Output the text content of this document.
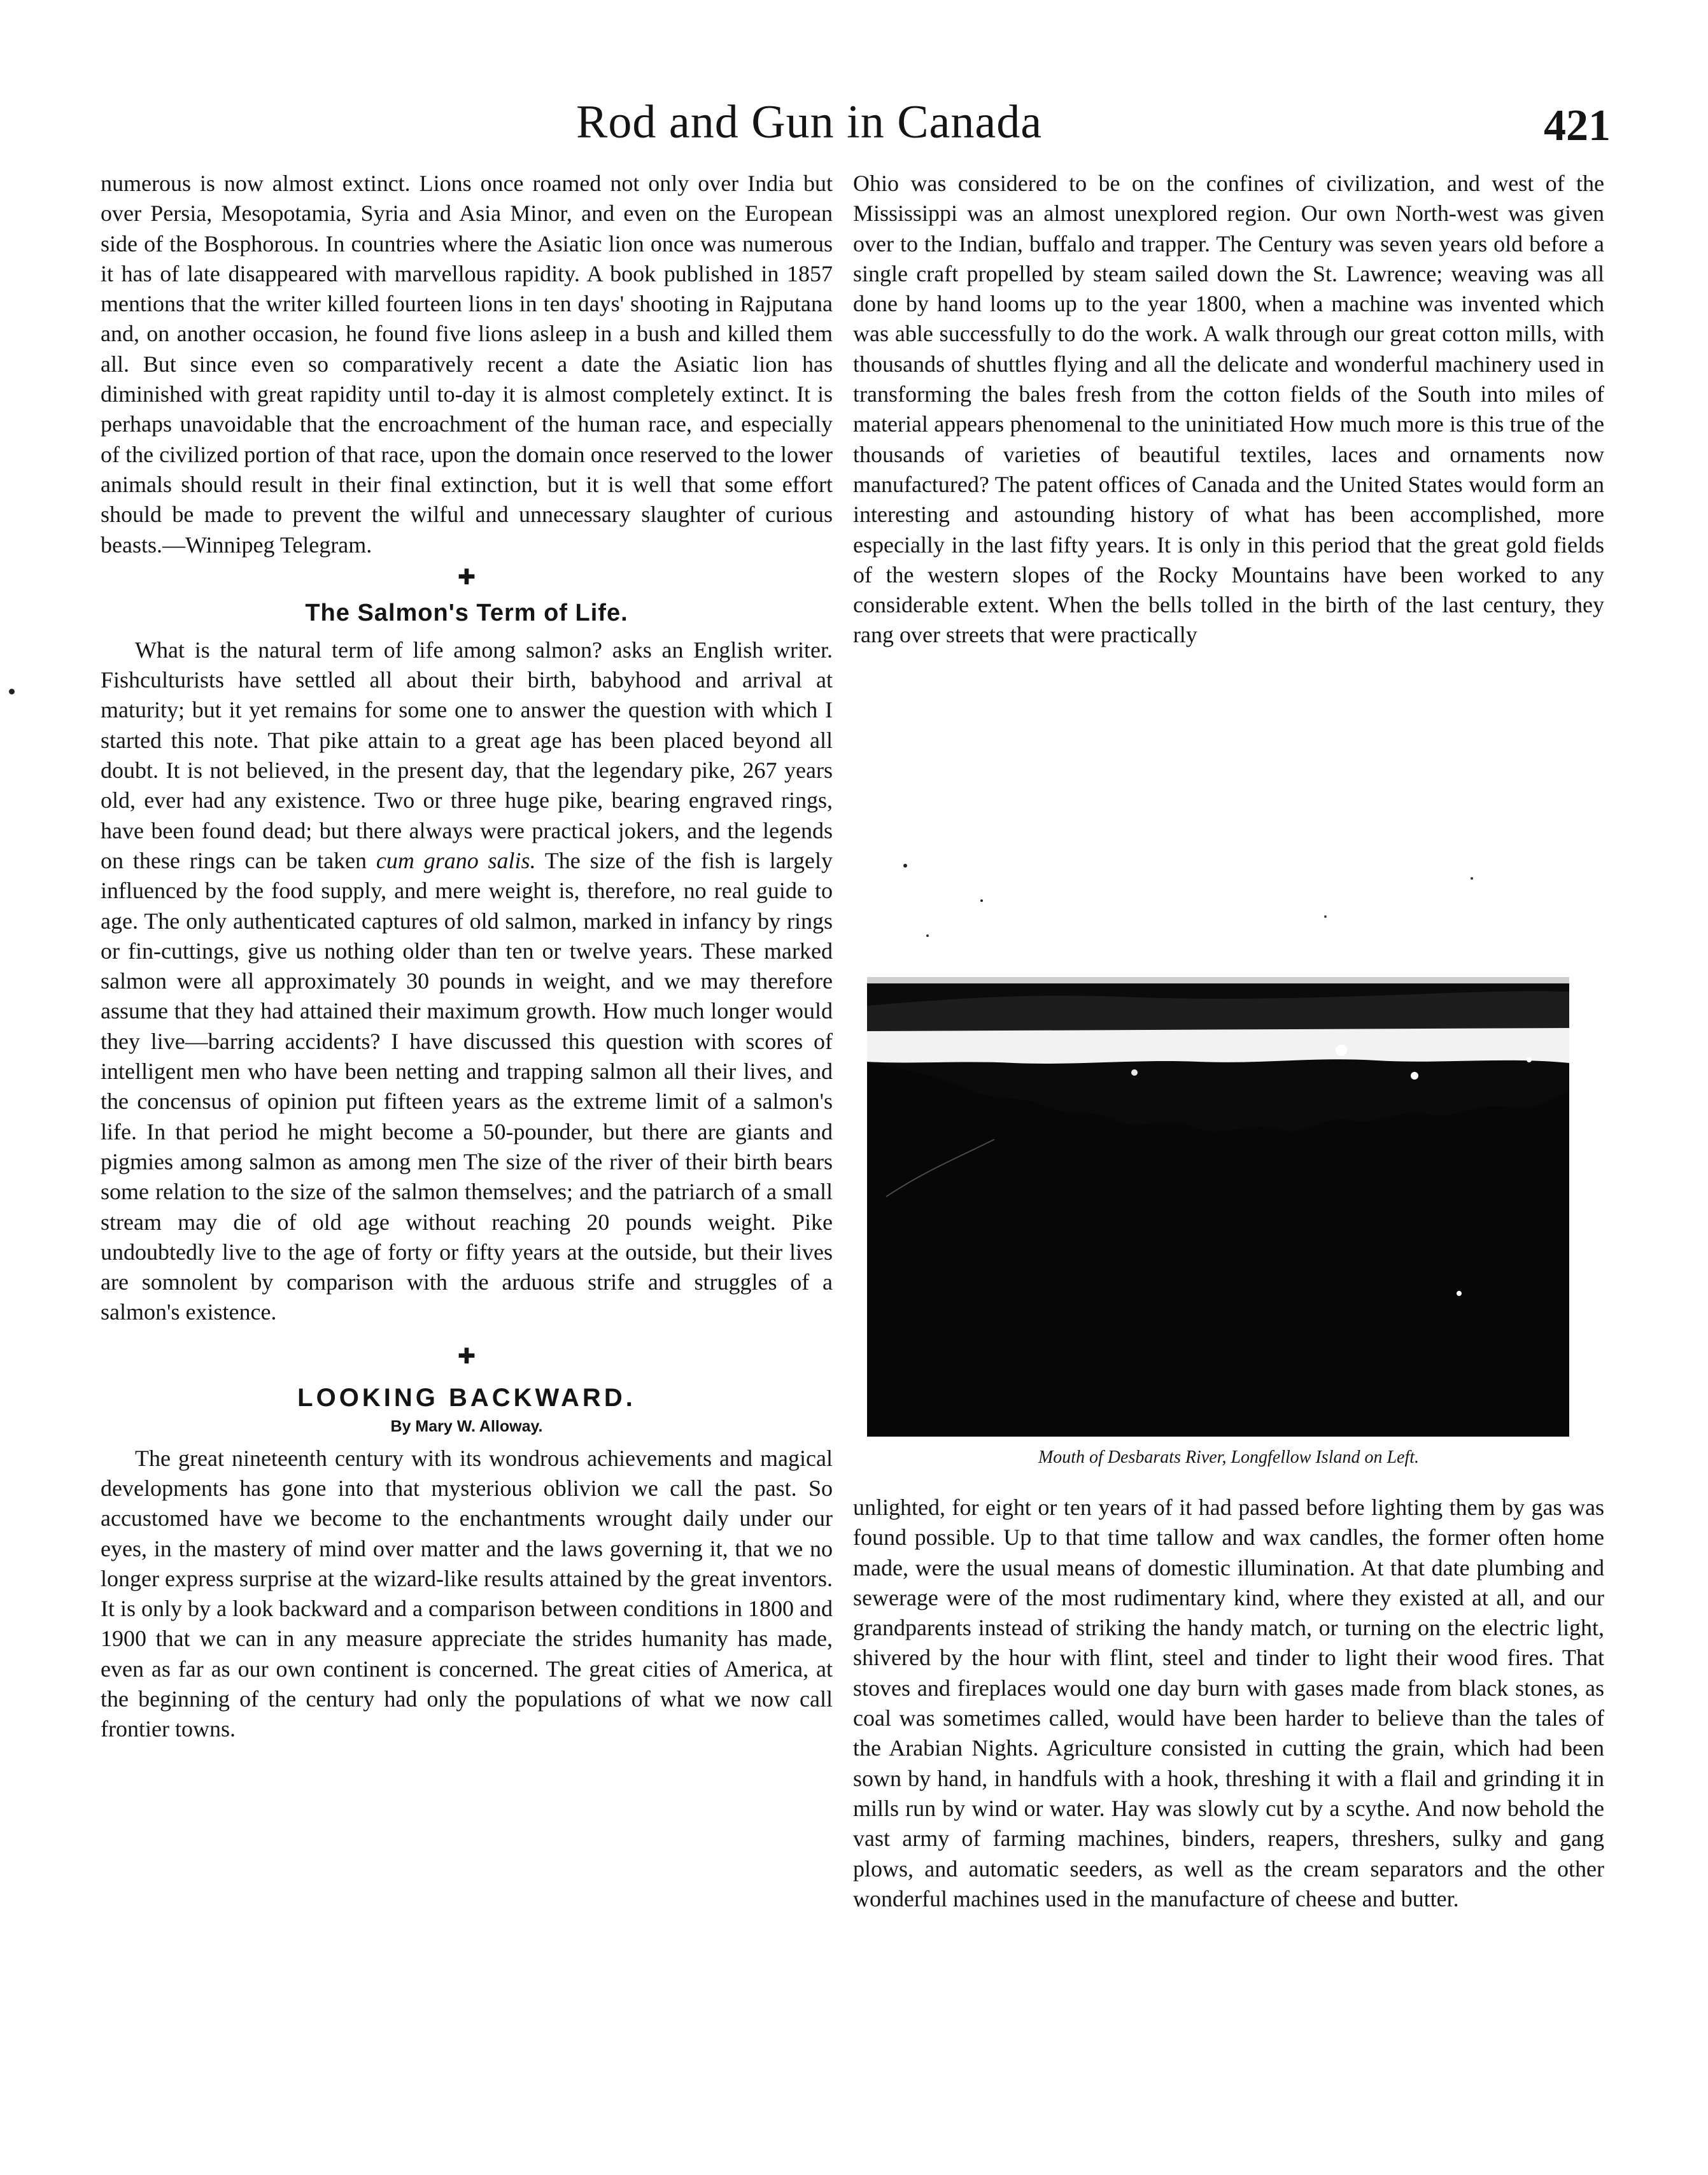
Rod and Gun in Canada	421

numerous is now almost extinct. Lions once roamed not only over India but over Persia, Mesopotamia, Syria and Asia Minor, and even on the European side of the Bosphorous. In countries where the Asiatic lion once was numerous it has of late disappeared with marvellous rapidity. A book published in 1857 mentions that the writer killed fourteen lions in ten days' shooting in Rajputana and, on another occasion, he found five lions asleep in a bush and killed them all. But since even so comparatively recent a date the Asiatic lion has diminished with great rapidity until to-day it is almost completely extinct. It is perhaps unavoidable that the encroachment of the human race, and especially of the civilized portion of that race, upon the domain once reserved to the lower animals should result in their final extinction, but it is well that some effort should be made to prevent the wilful and unnecessary slaughter of curious beasts.—Winnipeg Telegram.

✚
The Salmon's Term of Life.

What is the natural term of life among salmon? asks an English writer. Fishculturists have settled all about their birth, babyhood and arrival at maturity; but it yet remains for some one to answer the question with which I started this note. That pike attain to a great age has been placed beyond all doubt. It is not believed, in the present day, that the legendary pike, 267 years old, ever had any existence. Two or three huge pike, bearing engraved rings, have been found dead; but there always were practical jokers, and the legends on these rings can be taken cum grano salis. The size of the fish is largely influenced by the food supply, and mere weight is, therefore, no real guide to age. The only authenticated captures of old salmon, marked in infancy by rings or fin-cuttings, give us nothing older than ten or twelve years. These marked salmon were all approximately 30 pounds in weight, and we may therefore assume that they had attained their maximum growth. How much longer would they live—barring accidents? I have discussed this question with scores of intelligent men who have been netting and trapping salmon all their lives, and the concensus of opinion put fifteen years as the extreme limit of a salmon's life. In that period he might become a 50-pounder, but there are giants and pigmies among salmon as among men The size of the river of their birth bears some relation to the size of the salmon themselves; and the patriarch of a small stream may die of old age without reaching 20 pounds weight. Pike undoubtedly live to the age of forty or fifty years at the outside, but their lives are somnolent by comparison with the arduous strife and struggles of a salmon's existence.

✚
LOOKING BACKWARD.
By Mary W. Alloway.

The great nineteenth century with its wondrous achievements and magical developments has gone into that mysterious oblivion we call the past. So accustomed have we become to the enchantments wrought daily under our eyes, in the mastery of mind over matter and the laws governing it, that we no longer express surprise at the wizard-like results attained by the great inventors. It is only by a look backward and a comparison between conditions in 1800 and 1900 that we can in any measure appreciate the strides humanity has made, even as far as our own continent is concerned. The great cities of America, at the beginning of the century had only the populations of what we now call frontier towns.

Ohio was considered to be on the confines of civilization, and west of the Mississippi was an almost unexplored region. Our own North-west was given over to the Indian, buffalo and trapper. The Century was seven years old before a single craft propelled by steam sailed down the St. Lawrence; weaving was all done by hand looms up to the year 1800, when a machine was invented which was able successfully to do the work. A walk through our great cotton mills, with thousands of shuttles flying and all the delicate and wonderful machinery used in transforming the bales fresh from the cotton fields of the South into miles of material appears phenomenal to the uninitiated How much more is this true of the thousands of varieties of beautiful textiles, laces and ornaments now manufactured? The patent offices of Canada and the United States would form an interesting and astounding history of what has been accomplished, more especially in the last fifty years. It is only in this period that the great gold fields of the western slopes of the Rocky Mountains have been worked to any considerable extent. When the bells tolled in the birth of the last century, they rang over streets that were practically

Mouth of Desbarats River, Longfellow Island on Left.

unlighted, for eight or ten years of it had passed before lighting them by gas was found possible. Up to that time tallow and wax candles, the former often home made, were the usual means of domestic illumination. At that date plumbing and sewerage were of the most rudimentary kind, where they existed at all, and our grandparents instead of striking the handy match, or turning on the electric light, shivered by the hour with flint, steel and tinder to light their wood fires. That stoves and fireplaces would one day burn with gases made from black stones, as coal was sometimes called, would have been harder to believe than the tales of the Arabian Nights. Agriculture consisted in cutting the grain, which had been sown by hand, in handfuls with a hook, threshing it with a flail and grinding it in mills run by wind or water. Hay was slowly cut by a scythe. And now behold the vast army of farming machines, binders, reapers, threshers, sulky and gang plows, and automatic seeders, as well as the cream separators and the other wonderful machines used in the manufacture of cheese and butter.
